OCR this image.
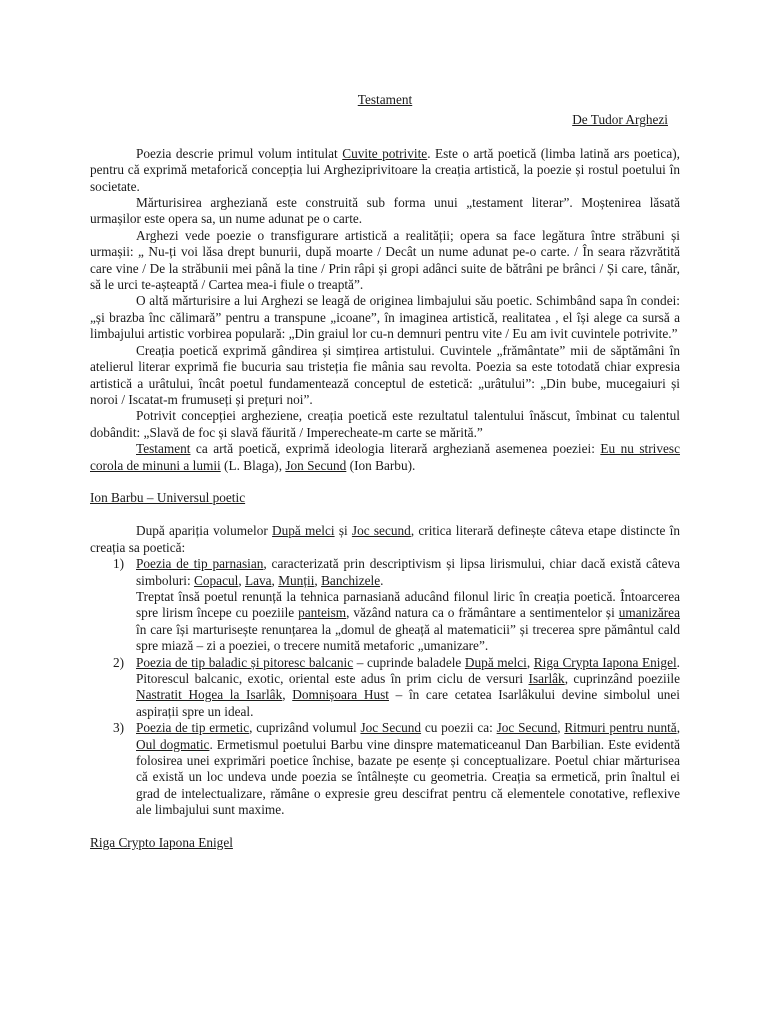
Testament

De Tudor Arghezi

Poezia descrie primul volum intitulat Cuvite potrivite. Este o artă poetică (limba latină ars poetica), pentru că exprimă metaforică concepția lui Argheziprivitoare la creația artistică, la poezie și rostul poetului în societate.

Mărturisirea argheziană este construită sub forma unui „testament literar”. Moștenirea lăsată urmașilor este opera sa, un nume adunat pe o carte.

Arghezi vede poezie o transfigurare artistică a realității; opera sa face legătura între străbuni și urmașii: „ Nu-ți voi lăsa drept bunurii, după moarte / Decât un nume adunat pe-o carte. / În seara răzvrătită care vine / De la străbunii mei până la tine / Prin râpi și gropi adânci suite de bătrâni pe brânci / Și care, tânăr, să le urci te-așteaptă / Cartea mea-i fiule o treaptă”.

O altă mărturisire a lui Arghezi se leagă de originea limbajului său poetic. Schimbând sapa în condei: „și brazba înc călimară” pentru a transpune „icoane”, în imaginea artistică, realitatea , el își alege ca sursă a limbajului artistic vorbirea populară: „Din graiul lor cu-n demnuri pentru vite / Eu am ivit cuvintele potrivite.”

Creația poetică exprimă gândirea și simțirea artistului. Cuvintele „frământate” mii de săptămâni în atelierul literar exprimă fie bucuria sau tristeția fie mânia sau revolta. Poezia sa este totodată chiar expresia artistică a urâtului, încât poetul fundamentează conceptul de estetică: „urâtului”: „Din bube, mucegaiuri și noroi / Iscatat-m frumuseți și prețuri noi”.

Potrivit concepției argheziene, creația poetică este rezultatul talentului înăscut, îmbinat cu talentul dobândit: „Slavă de foc și slavă făurită / Imperecheate-m carte se mărită.”

Testament ca artă poetică, exprimă ideologia literară argheziană asemenea poeziei: Eu nu strivesc corola de minuni a lumii (L. Blaga), Jon Secund (Ion Barbu).

Ion Barbu – Universul poetic

După apariția volumelor După melci și Joc secund, critica literară definește câteva etape distincte în creația sa poetică:

1) Poezia de tip parnasian, caracterizată prin descriptivism și lipsa lirismului, chiar dacă există câteva simboluri: Copacul, Lava, Munții, Banchizele.
Treptat însă poetul renunță la tehnica parnasiană aducând filonul liric în creația poetică. Întoarcerea spre lirism începe cu poeziile panteism, văzând natura ca o frământare a sentimentelor și umanizărea în care își marturisește renunțarea la „domul de gheață al matematicii” și trecerea spre pământul cald spre miază – zi a poeziei, o trecere numită metaforic „umanizare”.
2) Poezia de tip baladic și pitoresc balcanic – cuprinde baladele După melci, Riga Crypta Iapona Enigel. Pitorescul balcanic, exotic, oriental este adus în prim ciclu de versuri Isarlâk, cuprinzând poeziile Nastratit Hogea la Isarlâk, Domnișoara Hust – în care cetatea Isarlâkului devine simbolul unei aspirații spre un ideal.
3) Poezia de tip ermetic, cuprizând volumul Joc Secund cu poezii ca: Joc Secund, Ritmuri pentru nuntă, Oul dogmatic. Ermetismul poetului Barbu vine dinspre matematiceanul Dan Barbilian. Este evidentă folosirea unei exprimări poetice închise, bazate pe esențe și conceptualizare. Poetul chiar mărturisea că există un loc undeva unde poezia se întâlnește cu geometria. Creația sa ermetică, prin înaltul ei grad de intelectualizare, rămâne o expresie greu descifrat pentru că elementele conotative, reflexive ale limbajului sunt maxime.

Riga Crypto Iapona Enigel
